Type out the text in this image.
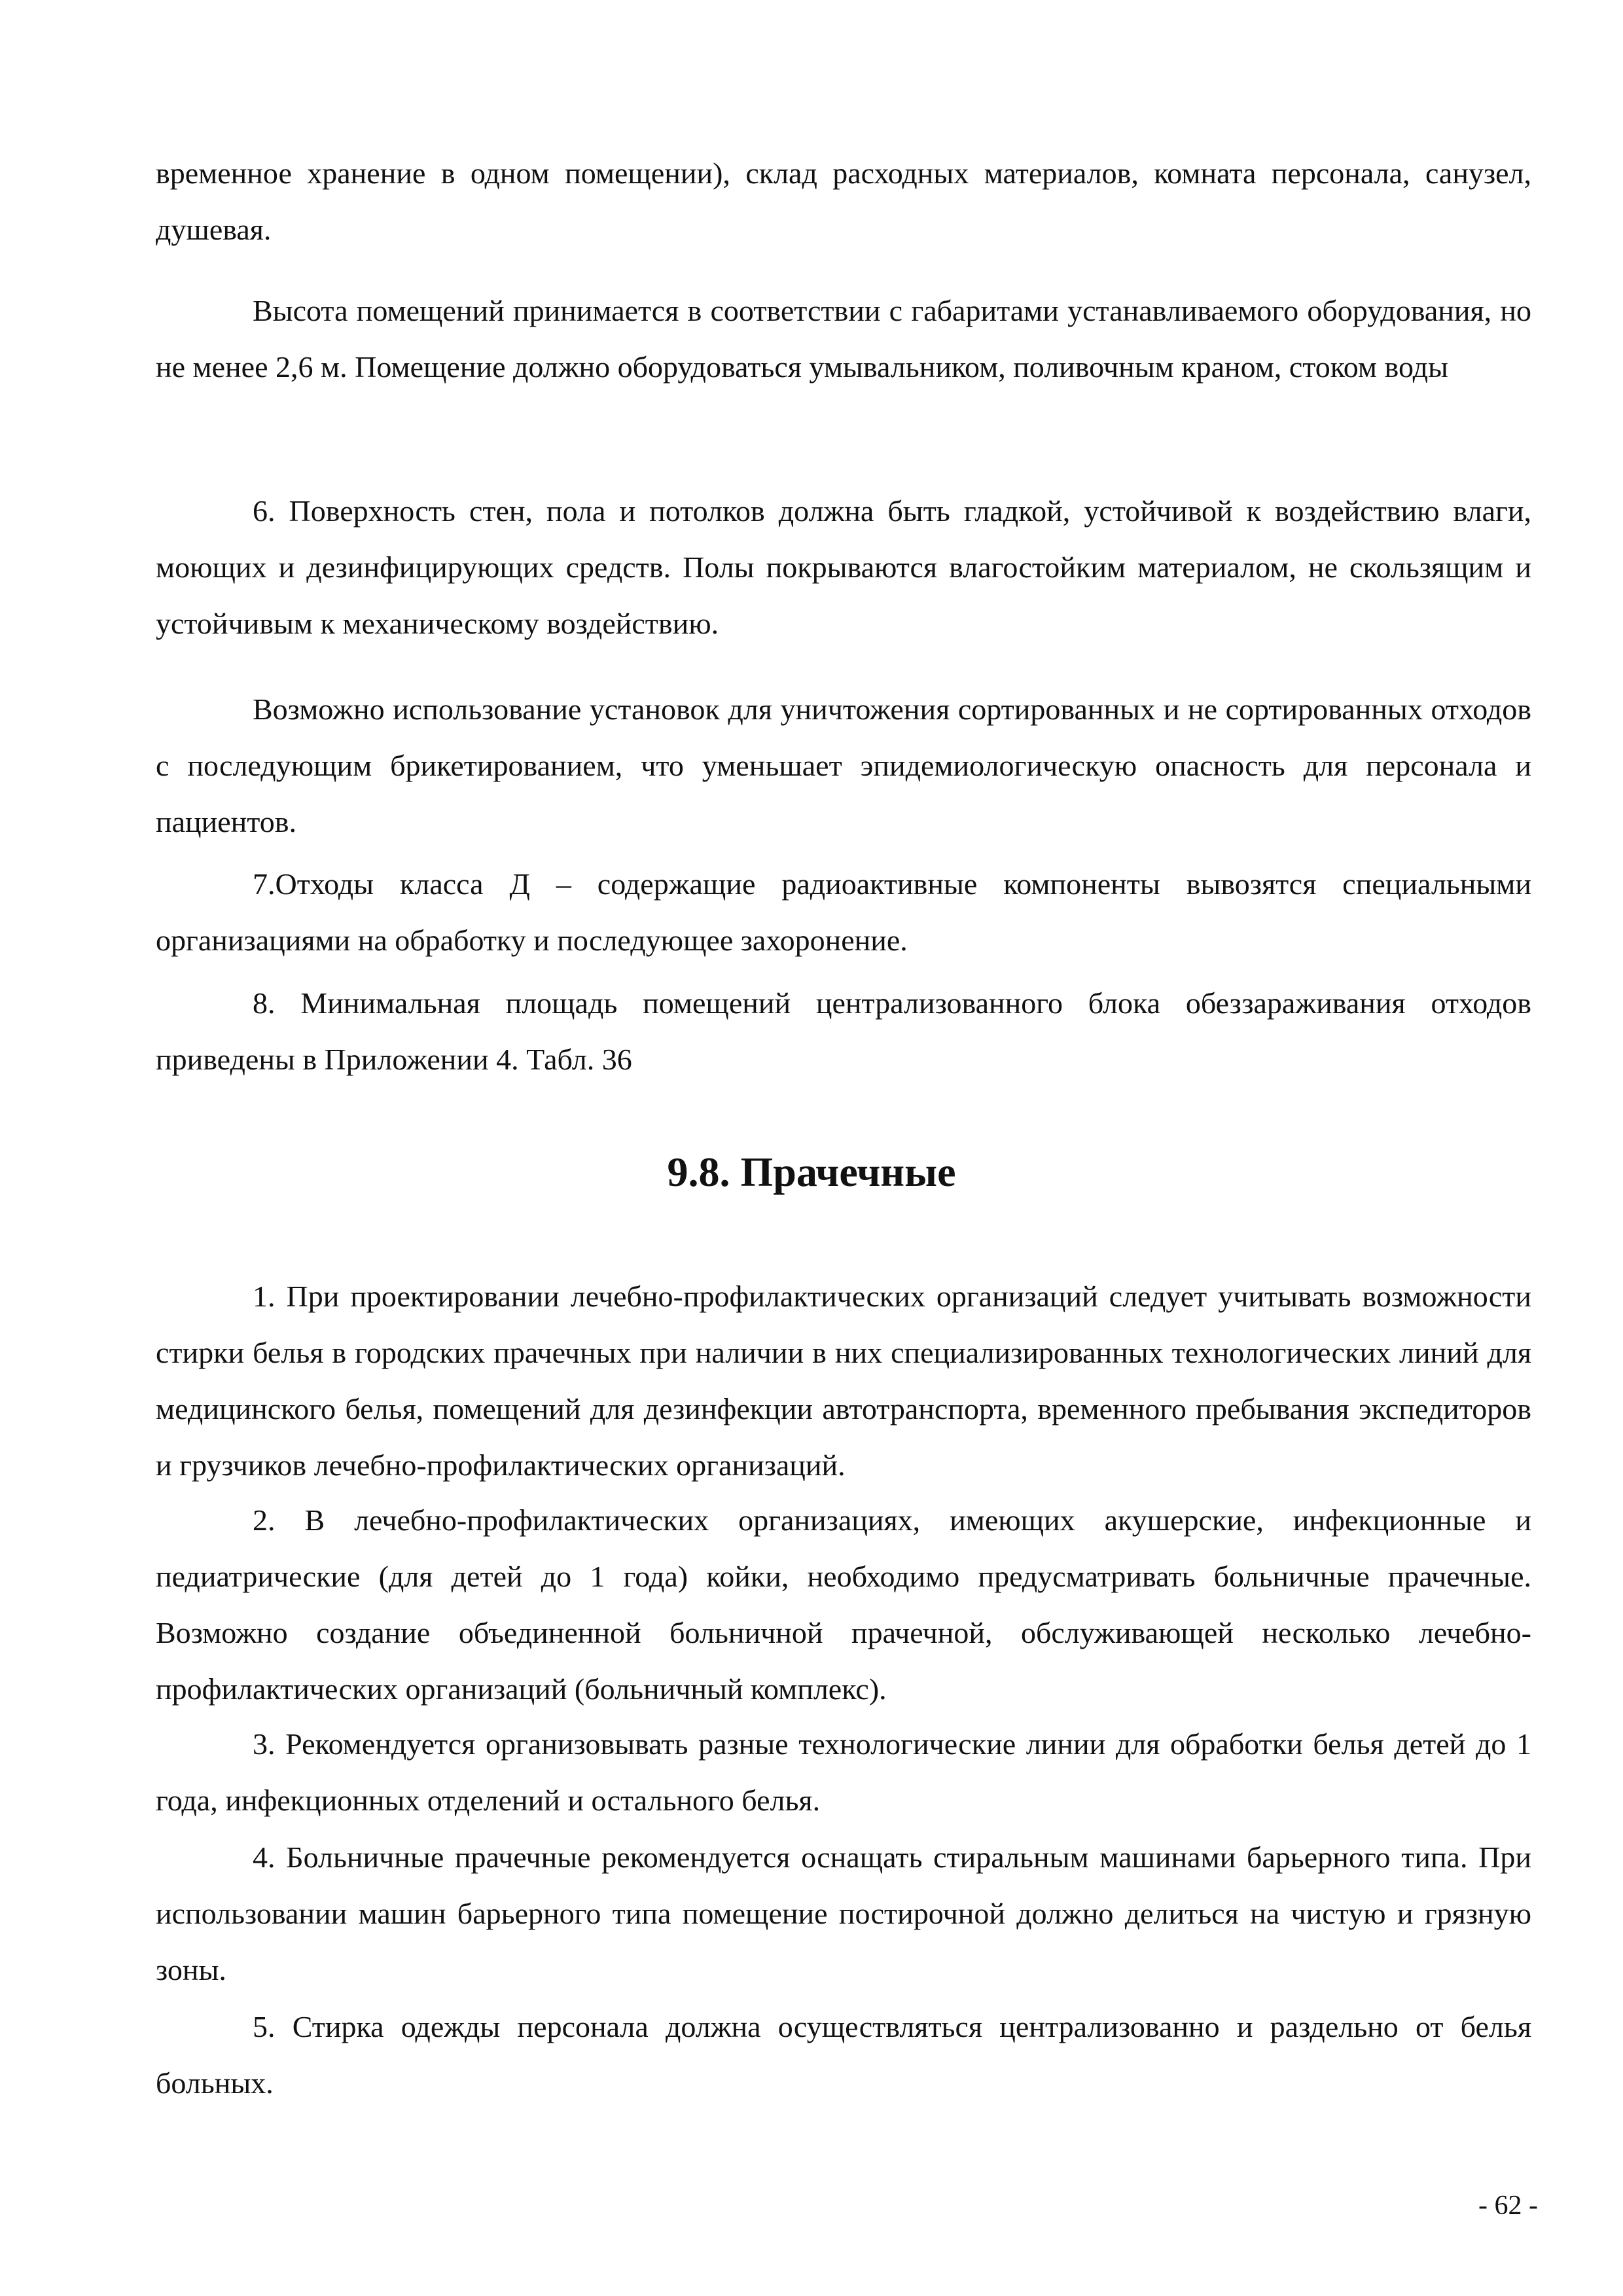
временное хранение в одном помещении), склад расходных материалов, комната персонала, санузел, душевая.

Высота помещений принимается в соответствии с габаритами устанавливаемого оборудования, но не менее 2,6 м. Помещение должно оборудоваться умывальником, поливочным краном, стоком воды

6. Поверхность стен, пола и потолков должна быть гладкой, устойчивой к воздействию влаги, моющих и дезинфицирующих средств. Полы покрываются влагостойким материалом, не скользящим и устойчивым к механическому воздействию.

Возможно использование установок для уничтожения сортированных и не сортированных отходов с последующим брикетированием, что уменьшает эпидемиологическую опасность для персонала и пациентов.

7.Отходы класса Д – содержащие радиоактивные компоненты вывозятся специальными организациями на обработку и последующее захоронение.

8. Минимальная площадь помещений централизованного блока обеззараживания отходов приведены в Приложении 4. Табл. 36

9.8. Прачечные

1. При проектировании лечебно-профилактических организаций следует учитывать возможности стирки белья в городских прачечных при наличии в них специализированных технологических линий для медицинского белья, помещений для дезинфекции автотранспорта, временного пребывания экспедиторов и грузчиков лечебно-профилактических организаций.

2. В лечебно-профилактических организациях, имеющих акушерские, инфекционные и педиатрические (для детей до 1 года) койки, необходимо предусматривать больничные прачечные. Возможно создание объединенной больничной прачечной, обслуживающей несколько лечебно-профилактических организаций (больничный комплекс).

3. Рекомендуется организовывать разные технологические линии для обработки белья детей до 1 года, инфекционных отделений и остального белья.

4. Больничные прачечные рекомендуется оснащать стиральным машинами барьерного типа. При использовании машин барьерного типа помещение постирочной должно делиться на чистую и грязную зоны.

5. Стирка одежды персонала должна осуществляться централизованно и раздельно от белья больных.

- 62 -
